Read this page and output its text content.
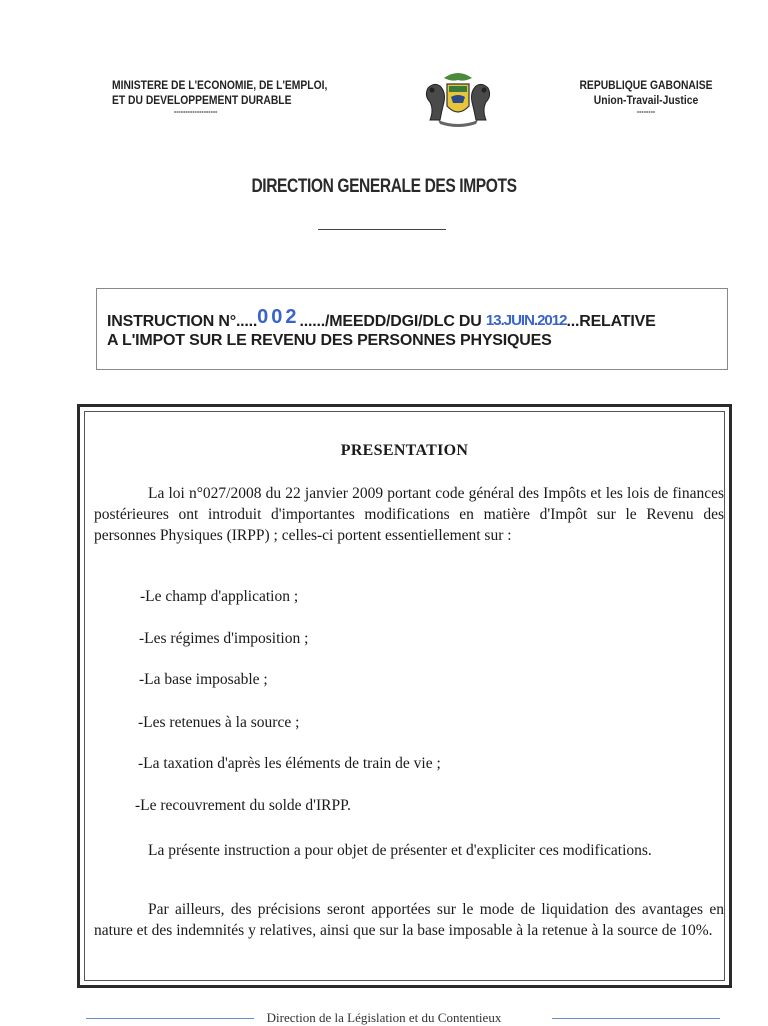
MINISTERE DE L'ECONOMIE, DE L'EMPLOI,
ET DU DEVELOPPEMENT DURABLE
-------------------
REPUBLIQUE GABONAISE
Union-Travail-Justice
--------
DIRECTION GENERALE DES IMPOTS
INSTRUCTION N°.....002....../MEEDD/DGI/DLC DU 13.JUIN.2012...RELATIVE
A L'IMPOT SUR LE REVENU DES PERSONNES PHYSIQUES
PRESENTATION
La loi n°027/2008 du 22 janvier 2009 portant code général des Impôts et les lois de finances postérieures ont introduit d'importantes modifications en matière d'Impôt sur le Revenu des personnes Physiques (IRPP) ; celles-ci portent essentiellement sur :
-Le champ d'application ;
-Les régimes d'imposition ;
-La base imposable ;
-Les retenues à la source ;
-La taxation d'après les éléments de train de vie ;
-Le recouvrement du solde d'IRPP.
La présente instruction a pour objet de présenter et d'expliciter ces modifications.
Par ailleurs, des précisions seront apportées sur le mode de liquidation des avantages en nature et des indemnités y relatives, ainsi que sur la base imposable à la retenue à la source de 10%.
Direction de la Législation et du Contentieux
